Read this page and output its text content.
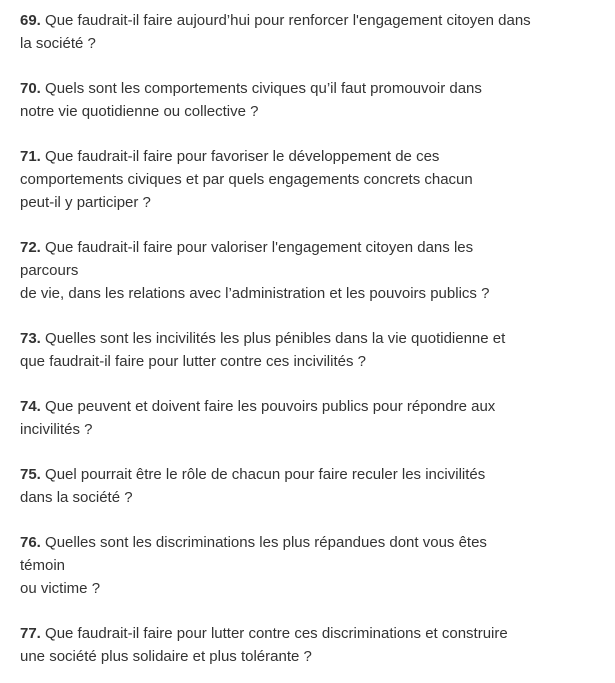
69. Que faudrait-il faire aujourd’hui pour renforcer l'engagement citoyen dans
la société ?

70. Quels sont les comportements civiques qu’il faut promouvoir dans
notre vie quotidienne ou collective ?

71. Que faudrait-il faire pour favoriser le développement de ces
comportements civiques et par quels engagements concrets chacun
peut-il y participer ?

72. Que faudrait-il faire pour valoriser l'engagement citoyen dans les
parcours
de vie, dans les relations avec l’administration et les pouvoirs publics ?

73. Quelles sont les incivilités les plus pénibles dans la vie quotidienne et
que faudrait-il faire pour lutter contre ces incivilités ?

74. Que peuvent et doivent faire les pouvoirs publics pour répondre aux
incivilités ?

75. Quel pourrait être le rôle de chacun pour faire reculer les incivilités
dans la société ?

76. Quelles sont les discriminations les plus répandues dont vous êtes
témoin
ou victime ?

77. Que faudrait-il faire pour lutter contre ces discriminations et construire
une société plus solidaire et plus tolérante ?
